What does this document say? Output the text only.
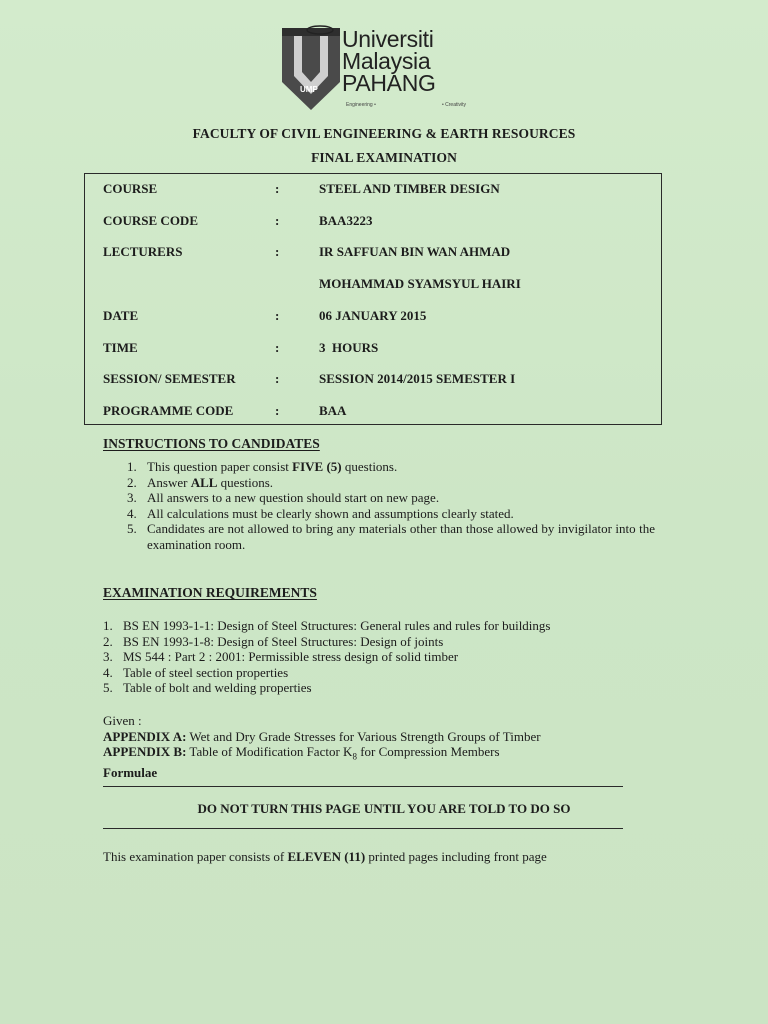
UMP
Universiti
Malaysia
PAHANG
Engineering •	• Creativity
FACULTY OF CIVIL ENGINEERING & EARTH RESOURCES
FINAL EXAMINATION
COURSE	:	STEEL AND TIMBER DESIGN
COURSE CODE	:	BAA3223
LECTURERS	:	IR SAFFUAN BIN WAN AHMAD
MOHAMMAD SYAMSYUL HAIRI
DATE	:	06 JANUARY 2015
TIME	:	3  HOURS
SESSION/ SEMESTER	:	SESSION 2014/2015 SEMESTER I
PROGRAMME CODE	:	BAA
INSTRUCTIONS TO CANDIDATES
1. This question paper consist FIVE (5) questions.
2. Answer ALL questions.
3. All answers to a new question should start on new page.
4. All calculations must be clearly shown and assumptions clearly stated.
5. Candidates are not allowed to bring any materials other than those allowed by invigilator into the examination room.
EXAMINATION REQUIREMENTS
1. BS EN 1993-1-1: Design of Steel Structures: General rules and rules for buildings
2. BS EN 1993-1-8: Design of Steel Structures: Design of joints
3. MS 544 : Part 2 : 2001: Permissible stress design of solid timber
4. Table of steel section properties
5. Table of bolt and welding properties
Given :
APPENDIX A: Wet and Dry Grade Stresses for Various Strength Groups of Timber
APPENDIX B: Table of Modification Factor $K_8$ for Compression Members
Formulae
DO NOT TURN THIS PAGE UNTIL YOU ARE TOLD TO DO SO
This examination paper consists of ELEVEN (11) printed pages including front page
